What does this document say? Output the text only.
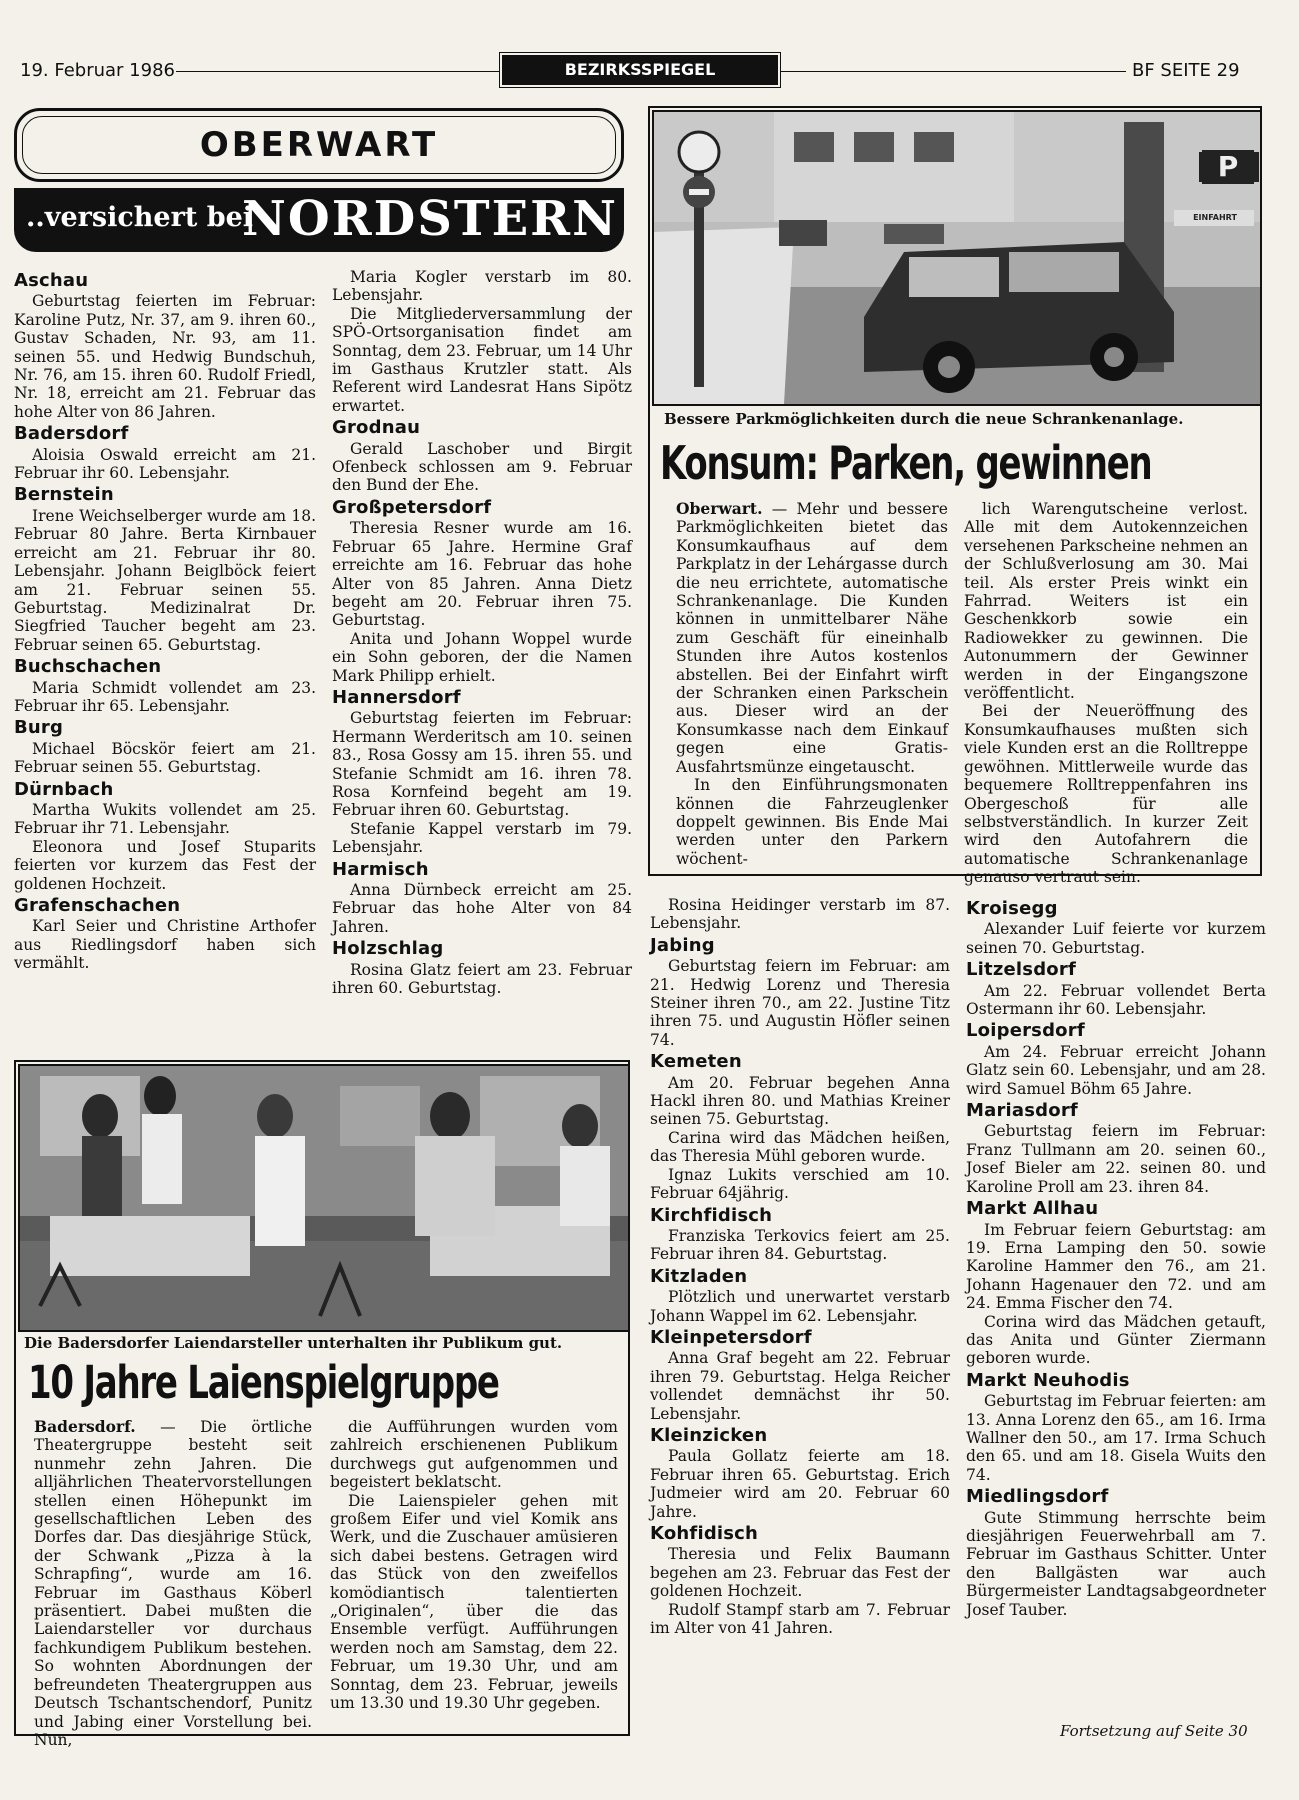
19. Februar 1986	BEZIRKSSPIEGEL	BF SEITE 29
OBERWART
..versichert bei
NORDSTERN
Aschau

Geburtstag feierten im Februar: Karoline Putz, Nr. 37, am 9. ihren 60., Gustav Schaden, Nr. 93, am 11. seinen 55. und Hedwig Bundschuh, Nr. 76, am 15. ihren 60. Rudolf Friedl, Nr. 18, erreicht am 21. Februar das hohe Alter von 86 Jahren.

Badersdorf

Aloisia Oswald erreicht am 21. Februar ihr 60. Lebensjahr.

Bernstein

Irene Weichselberger wurde am 18. Februar 80 Jahre. Berta Kirnbauer erreicht am 21. Februar ihr 80. Lebensjahr. Johann Beiglböck feiert am 21. Februar seinen 55. Geburtstag. Medizinalrat Dr. Siegfried Taucher begeht am 23. Februar seinen 65. Geburtstag.

Buchschachen

Maria Schmidt vollendet am 23. Februar ihr 65. Lebensjahr.

Burg

Michael Böcskör feiert am 21. Februar seinen 55. Geburtstag.

Dürnbach

Martha Wukits vollendet am 25. Februar ihr 71. Lebensjahr.

Eleonora und Josef Stuparits feierten vor kurzem das Fest der goldenen Hochzeit.

Grafenschachen

Karl Seier und Christine Arthofer aus Riedlingsdorf haben sich vermählt.

Maria Kogler verstarb im 80. Lebensjahr.

Die Mitgliederversammlung der SPÖ-Ortsorganisation findet am Sonntag, dem 23. Februar, um 14 Uhr im Gasthaus Krutzler statt. Als Referent wird Landesrat Hans Sipötz erwartet.

Grodnau

Gerald Laschober und Birgit Ofenbeck schlossen am 9. Februar den Bund der Ehe.

Großpetersdorf

Theresia Resner wurde am 16. Februar 65 Jahre. Hermine Graf erreichte am 16. Februar das hohe Alter von 85 Jahren. Anna Dietz begeht am 20. Februar ihren 75. Geburtstag.

Anita und Johann Woppel wurde ein Sohn geboren, der die Namen Mark Philipp erhielt.

Hannersdorf

Geburtstag feierten im Februar: Hermann Werderitsch am 10. seinen 83., Rosa Gossy am 15. ihren 55. und Stefanie Schmidt am 16. ihren 78. Rosa Kornfeind begeht am 19. Februar ihren 60. Geburtstag.

Stefanie Kappel verstarb im 79. Lebensjahr.

Harmisch

Anna Dürnbeck erreicht am 25. Februar das hohe Alter von 84 Jahren.

Holzschlag

Rosina Glatz feiert am 23. Februar ihren 60. Geburtstag.

P
EINFAHRT
Bessere Parkmöglichkeiten durch die neue Schrankenanlage.
Konsum: Parken, gewinnen

Oberwart. — Mehr und bessere Parkmöglichkeiten bietet das Konsumkaufhaus auf dem Parkplatz in der Lehárgasse durch die neu errichtete, automatische Schrankenanlage. Die Kunden können in unmittelbarer Nähe zum Geschäft für eineinhalb Stunden ihre Autos kostenlos abstellen. Bei der Einfahrt wirft der Schranken einen Parkschein aus. Dieser wird an der Konsumkasse nach dem Einkauf gegen eine Gratis-Ausfahrtsmünze eingetauscht.

In den Einführungsmonaten können die Fahrzeuglenker doppelt gewinnen. Bis Ende Mai werden unter den Parkern wöchent-

lich Warengutscheine verlost. Alle mit dem Autokennzeichen versehenen Parkscheine nehmen an der Schlußverlosung am 30. Mai teil. Als erster Preis winkt ein Fahrrad. Weiters ist ein Geschenkkorb sowie ein Radiowekker zu gewinnen. Die Autonummern der Gewinner werden in der Eingangszone veröffentlicht.

Bei der Neueröffnung des Konsumkaufhauses mußten sich viele Kunden erst an die Rolltreppe gewöhnen. Mittlerweile wurde das bequemere Rolltreppenfahren ins Obergeschoß für alle selbstverständlich. In kurzer Zeit wird den Autofahrern die automatische Schrankenanlage genauso vertraut sein.

Die Badersdorfer Laiendarsteller unterhalten ihr Publikum gut.
10 Jahre Laienspielgruppe

Badersdorf. — Die örtliche Theatergruppe besteht seit nunmehr zehn Jahren. Die alljährlichen Theatervorstellungen stellen einen Höhepunkt im gesellschaftlichen Leben des Dorfes dar. Das diesjährige Stück, der Schwank „Pizza à la Schrapfing“, wurde am 16. Februar im Gasthaus Köberl präsentiert. Dabei mußten die Laiendarsteller vor durchaus fachkundigem Publikum bestehen. So wohnten Abordnungen der befreundeten Theatergruppen aus Deutsch Tschantschendorf, Punitz und Jabing einer Vorstellung bei. Nun,

die Aufführungen wurden vom zahlreich erschienenen Publikum durchwegs gut aufgenommen und begeistert beklatscht.

Die Laienspieler gehen mit großem Eifer und viel Komik ans Werk, und die Zuschauer amüsieren sich dabei bestens. Getragen wird das Stück von den zweifellos komödiantisch talentierten „Originalen“, über die das Ensemble verfügt. Aufführungen werden noch am Samstag, dem 22. Februar, um 19.30 Uhr, und am Sonntag, dem 23. Februar, jeweils um 13.30 und 19.30 Uhr gegeben.

Rosina Heidinger verstarb im 87. Lebensjahr.

Jabing

Geburtstag feiern im Februar: am 21. Hedwig Lorenz und Theresia Steiner ihren 70., am 22. Justine Titz ihren 75. und Augustin Höfler seinen 74.

Kemeten

Am 20. Februar begehen Anna Hackl ihren 80. und Mathias Kreiner seinen 75. Geburtstag.

Carina wird das Mädchen heißen, das Theresia Mühl geboren wurde.

Ignaz Lukits verschied am 10. Februar 64jährig.

Kirchfidisch

Franziska Terkovics feiert am 25. Februar ihren 84. Geburtstag.

Kitzladen

Plötzlich und unerwartet verstarb Johann Wappel im 62. Lebensjahr.

Kleinpetersdorf

Anna Graf begeht am 22. Februar ihren 79. Geburtstag. Helga Reicher vollendet demnächst ihr 50. Lebensjahr.

Kleinzicken

Paula Gollatz feierte am 18. Februar ihren 65. Geburtstag. Erich Judmeier wird am 20. Februar 60 Jahre.

Kohfidisch

Theresia und Felix Baumann begehen am 23. Februar das Fest der goldenen Hochzeit.

Rudolf Stampf starb am 7. Februar im Alter von 41 Jahren.

Kroisegg

Alexander Luif feierte vor kurzem seinen 70. Geburtstag.

Litzelsdorf

Am 22. Februar vollendet Berta Ostermann ihr 60. Lebensjahr.

Loipersdorf

Am 24. Februar erreicht Johann Glatz sein 60. Lebensjahr, und am 28. wird Samuel Böhm 65 Jahre.

Mariasdorf

Geburtstag feiern im Februar: Franz Tullmann am 20. seinen 60., Josef Bieler am 22. seinen 80. und Karoline Proll am 23. ihren 84.

Markt Allhau

Im Februar feiern Geburtstag: am 19. Erna Lamping den 50. sowie Karoline Hammer den 76., am 21. Johann Hagenauer den 72. und am 24. Emma Fischer den 74.

Corina wird das Mädchen getauft, das Anita und Günter Ziermann geboren wurde.

Markt Neuhodis

Geburtstag im Februar feierten: am 13. Anna Lorenz den 65., am 16. Irma Wallner den 50., am 17. Irma Schuch den 65. und am 18. Gisela Wuits den 74.

Miedlingsdorf

Gute Stimmung herrschte beim diesjährigen Feuerwehrball am 7. Februar im Gasthaus Schitter. Unter den Ballgästen war auch Bürgermeister Landtagsabgeordneter Josef Tauber.

Fortsetzung auf Seite 30
